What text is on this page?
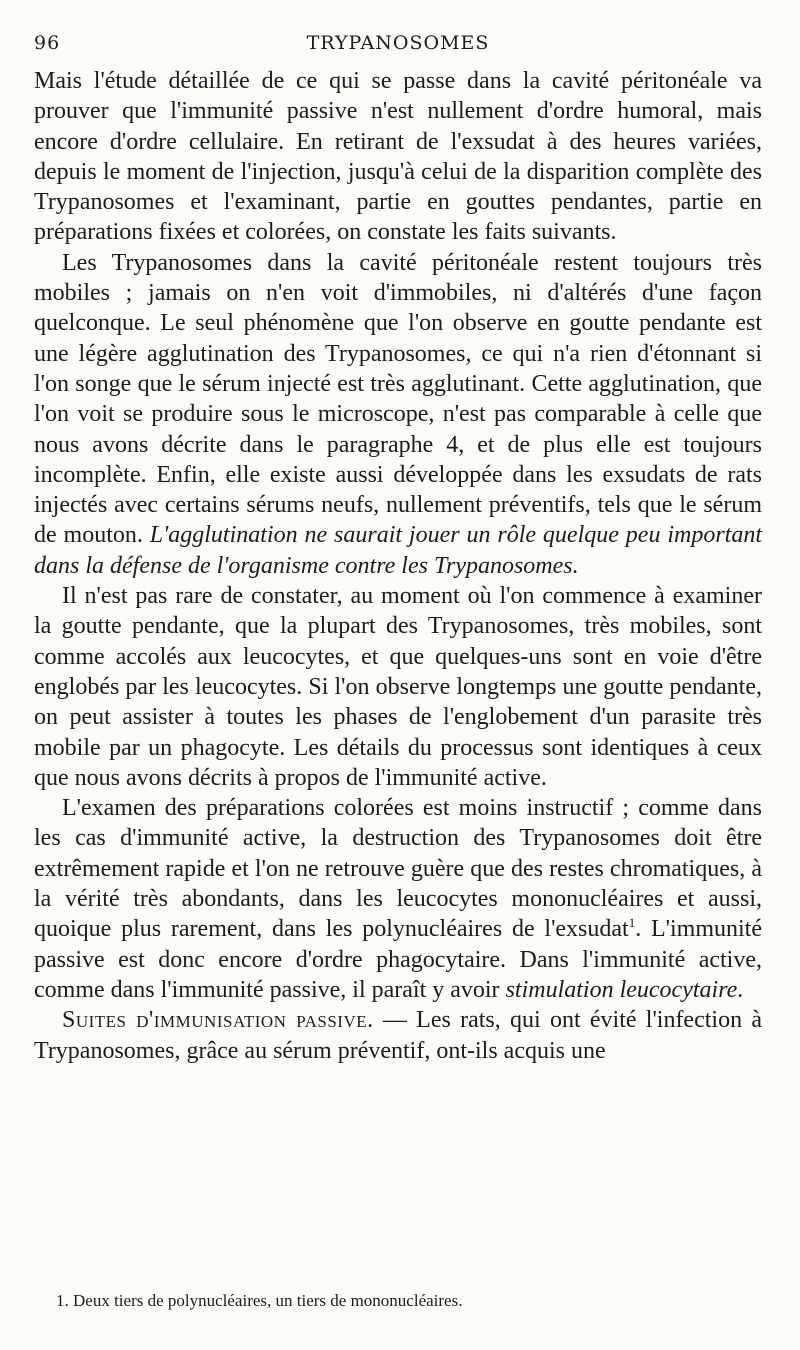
96	TRYPANOSOMES

Mais l'étude détaillée de ce qui se passe dans la cavité péritonéale va prouver que l'immunité passive n'est nullement d'ordre humoral, mais encore d'ordre cellulaire. En retirant de l'exsudat à des heures variées, depuis le moment de l'injection, jusqu'à celui de la disparition complète des Trypanosomes et l'examinant, partie en gouttes pendantes, partie en préparations fixées et colorées, on constate les faits suivants.

Les Trypanosomes dans la cavité péritonéale restent toujours très mobiles ; jamais on n'en voit d'immobiles, ni d'altérés d'une façon quelconque. Le seul phénomène que l'on observe en goutte pendante est une légère agglutination des Trypanosomes, ce qui n'a rien d'étonnant si l'on songe que le sérum injecté est très agglutinant. Cette agglutination, que l'on voit se produire sous le microscope, n'est pas comparable à celle que nous avons décrite dans le paragraphe 4, et de plus elle est toujours incomplète. Enfin, elle existe aussi développée dans les exsudats de rats injectés avec certains sérums neufs, nullement préventifs, tels que le sérum de mouton. L'agglutination ne saurait jouer un rôle quelque peu important dans la défense de l'organisme contre les Trypanosomes.

Il n'est pas rare de constater, au moment où l'on commence à examiner la goutte pendante, que la plupart des Trypanosomes, très mobiles, sont comme accolés aux leucocytes, et que quelques-uns sont en voie d'être englobés par les leucocytes. Si l'on observe longtemps une goutte pendante, on peut assister à toutes les phases de l'englobement d'un parasite très mobile par un phagocyte. Les détails du processus sont identiques à ceux que nous avons décrits à propos de l'immunité active.

L'examen des préparations colorées est moins instructif ; comme dans les cas d'immunité active, la destruction des Trypanosomes doit être extrêmement rapide et l'on ne retrouve guère que des restes chromatiques, à la vérité très abondants, dans les leucocytes mononucléaires et aussi, quoique plus rarement, dans les polynucléaires de l'exsudat$^1$. L'immunité passive est donc encore d'ordre phagocytaire. Dans l'immunité active, comme dans l'immunité passive, il paraît y avoir stimulation leucocytaire.

Suites d'immunisation passive. — Les rats, qui ont évité l'infection à Trypanosomes, grâce au sérum préventif, ont-ils acquis une

1. Deux tiers de polynucléaires, un tiers de mononucléaires.
